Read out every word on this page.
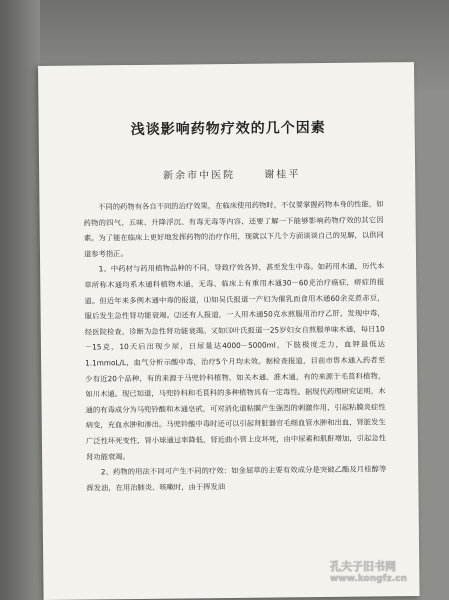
浅谈影响药物疗效的几个因素
新余市中医院	谢桂平

不同的药物有各自不同的治疗效果，在临床使用药物时，不仅要掌握药物本身的性能，如药物的四气、五味、升降浮沉、有毒无毒等内容，还要了解一下能够影响药物疗效的其它因素。为了能在临床上更好地发挥药物的治疗作用，现就以下几个方面谈谈自己的见解，以供同道参考指正。

1、中药材与药用植物品种的不同，导致疗效各异，甚至发生中毒。如药用木通，历代本草所称木通均系木通科植物木通，无毒、临床上有重用木通30－60克治疗癌症，痹症的报道。但近年来多例木通中毒的报道，⑴如吴氏报道一产妇为催乳而食用木通60余克煮赤豆，服后发生急性肾功能衰竭。⑵还有人报道，一人用木通50克水煎服用治疗乙肝，发现中毒，经医院检查，诊断为急性肾功能衰竭。又如⑶叶氏报道一25岁妇女自煎服单味木通，每日10－15克，10天后出现少尿，日尿量达4000－5000ml，下肢极度乏力，血钾最低达1.1mmoL/L，血气分析示酸中毒，治疗5个月均未效。据检查报道，目前市售木通入药者至少有近20个品种，有的来源于马兜铃科植物，如关木通、淮木通，有的来源于毛茛科植物，如川木通。现已知道，马兜铃科和毛茛科的多种植物具有一定毒性。据现代药理研究证明，木通的有毒成分为马兜铃酸和木通皂甙，可对消化道粘膜产生强烈的刺激作用，引起粘膜炎症性病变，充血水肿和渗出。马兜铃酸中毒时还可以引起肾脏器官毛细血管水肿和出血，肾脏发生广泛性坏死变性，肾小球通过率降低，肾近曲小管上皮坏死，由中尿素和肌酐增加，引起急性肾功能衰竭。

2、药物的用法不同可产生不同的疗效：如金屈草的主要有效成分是突破乙酯及月桂醇等挥发油，在用治肺炎、咳嗽时，由于挥发油

孔夫子旧书网
www.kongfz.cn
